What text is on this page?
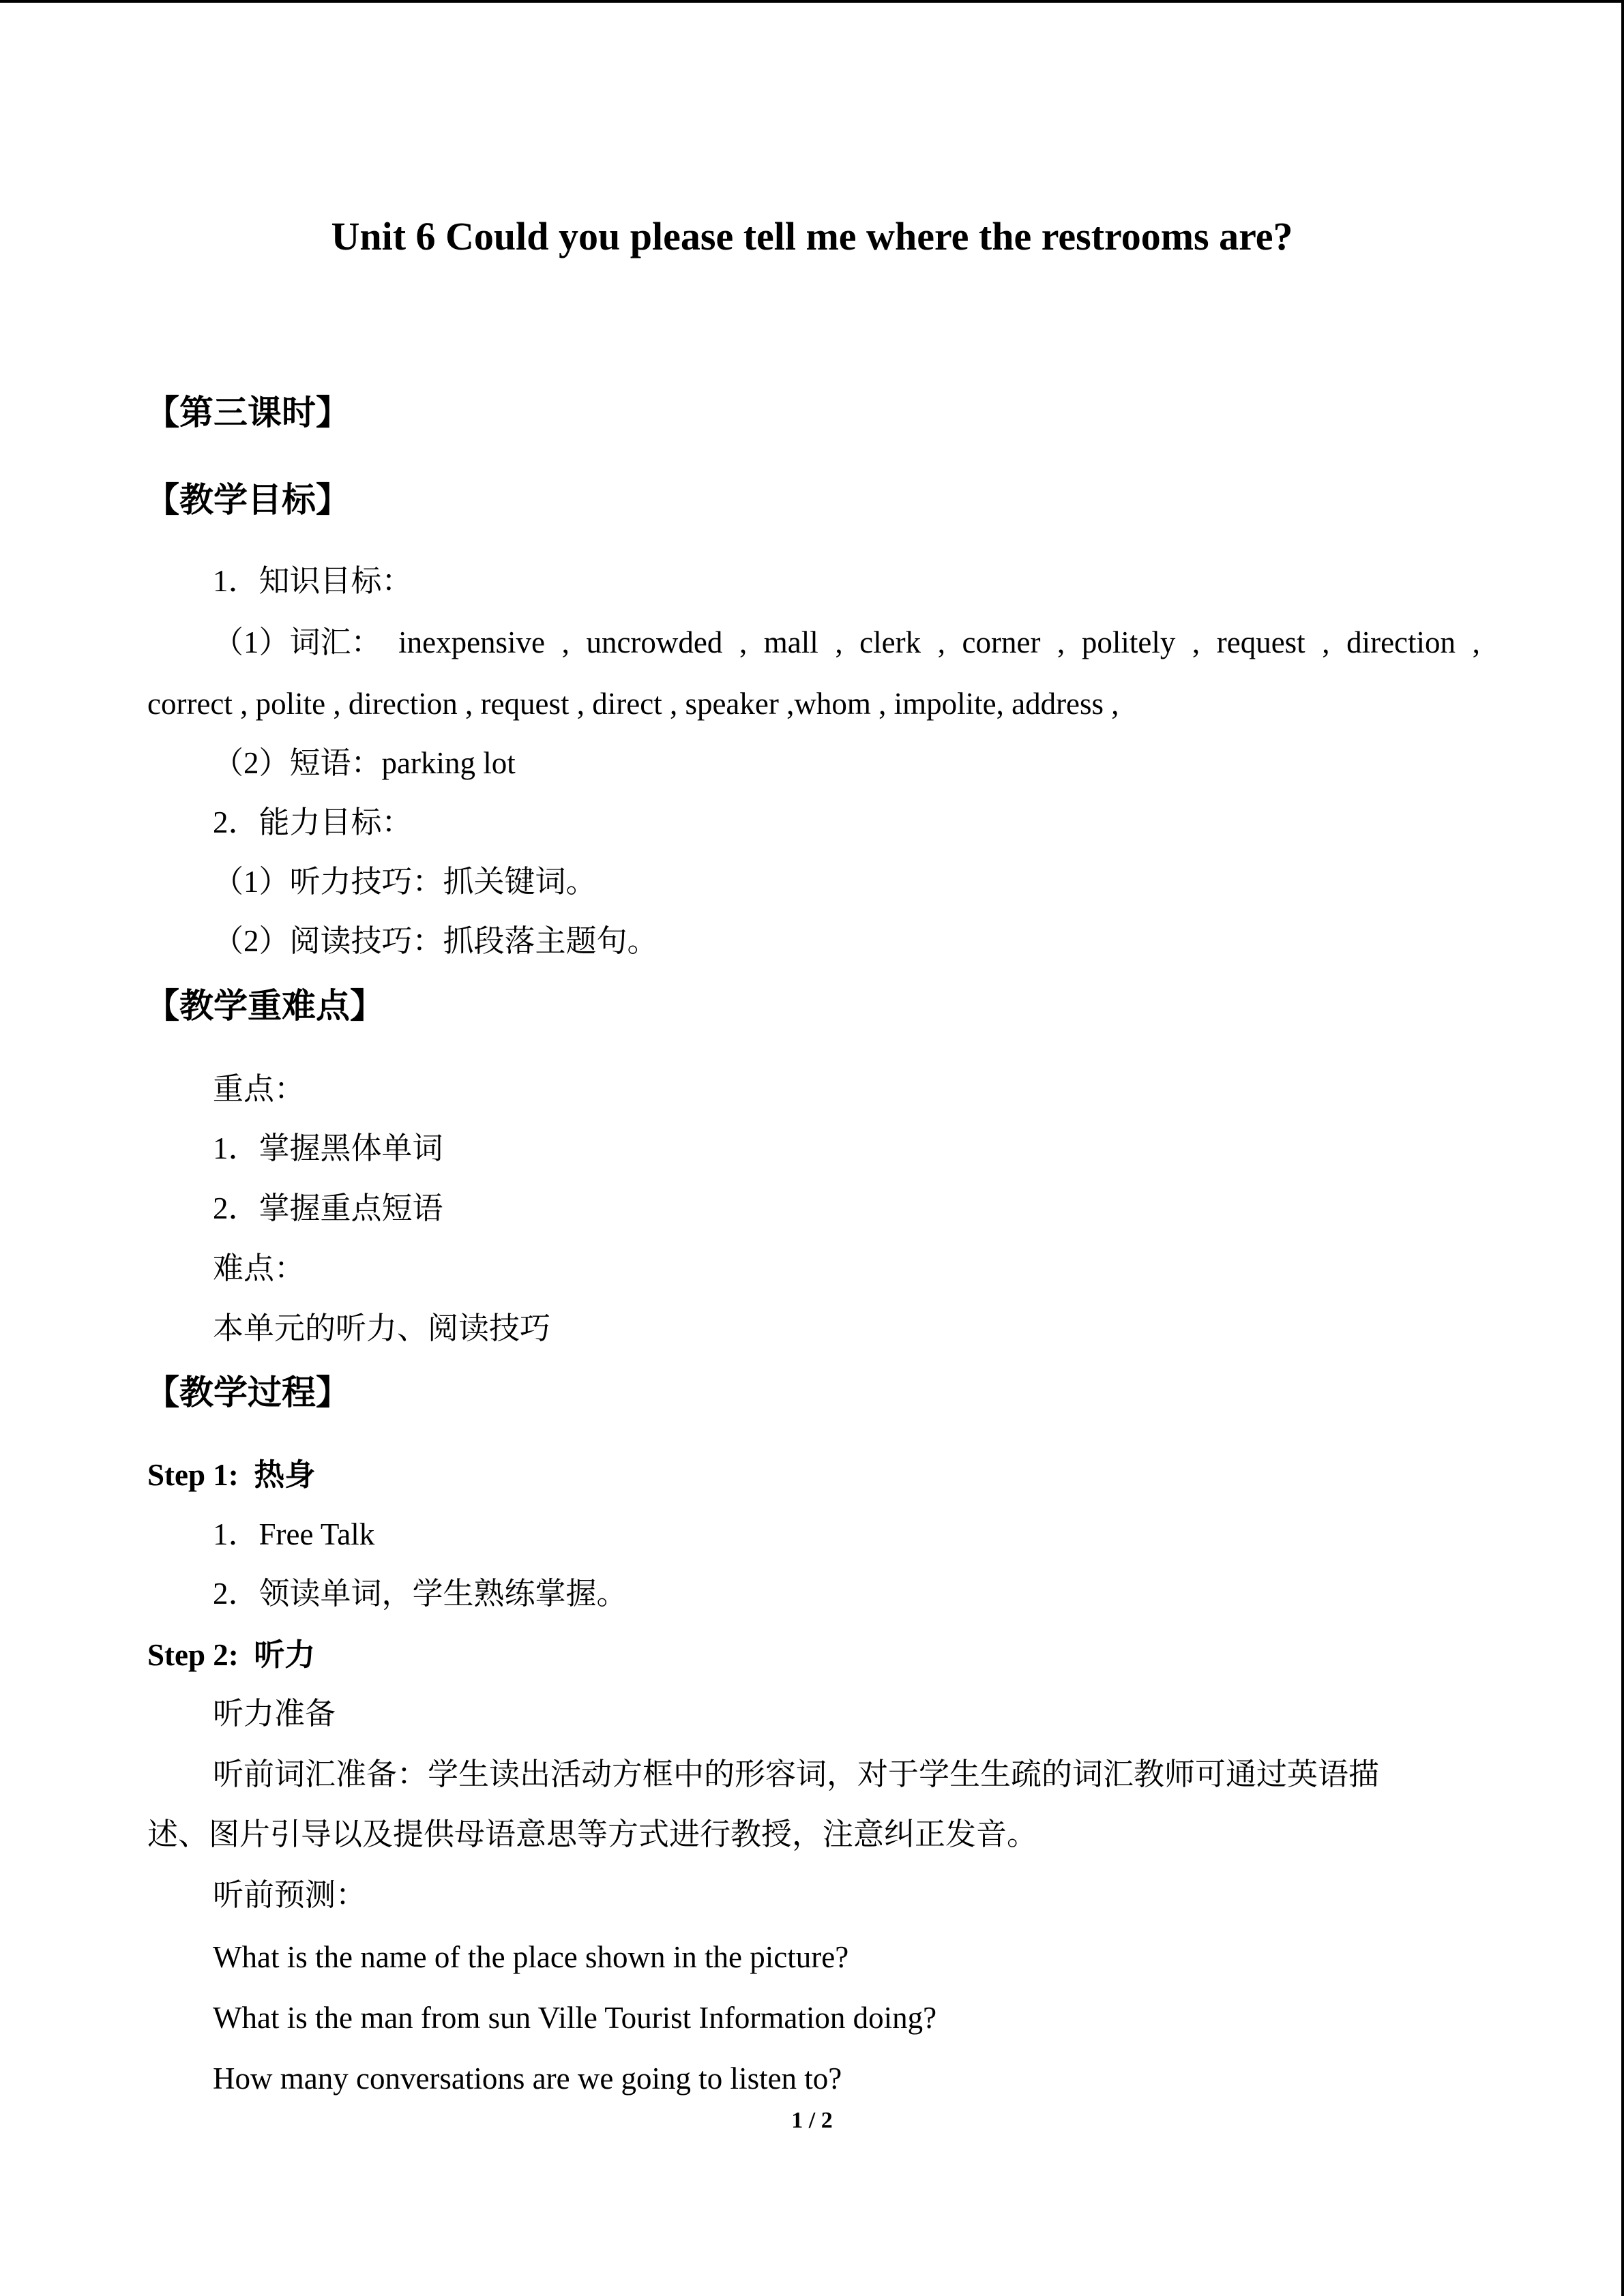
Unit 6 Could you please tell me where the restrooms are?
【第三课时】
【教学目标】
1．知识目标：
（1）词汇： inexpensive , uncrowded , mall , clerk , corner , politely , request , direction ,
correct , polite , direction , request , direct , speaker ,whom , impolite, address ,
（2）短语：parking lot
2．能力目标：
（1）听力技巧：抓关键词。
（2）阅读技巧：抓段落主题句。
【教学重难点】
重点：
1．掌握黑体单词
2．掌握重点短语
难点：
本单元的听力、阅读技巧
【教学过程】
Step 1: 热身
1．Free Talk
2．领读单词，学生熟练掌握。
Step 2: 听力
听力准备
听前词汇准备：学生读出活动方框中的形容词，对于学生生疏的词汇教师可通过英语描
述、图片引导以及提供母语意思等方式进行教授，注意纠正发音。
听前预测：
What is the name of the place shown in the picture?
What is the man from sun Ville Tourist Information doing?
How many conversations are we going to listen to?
1 / 2
